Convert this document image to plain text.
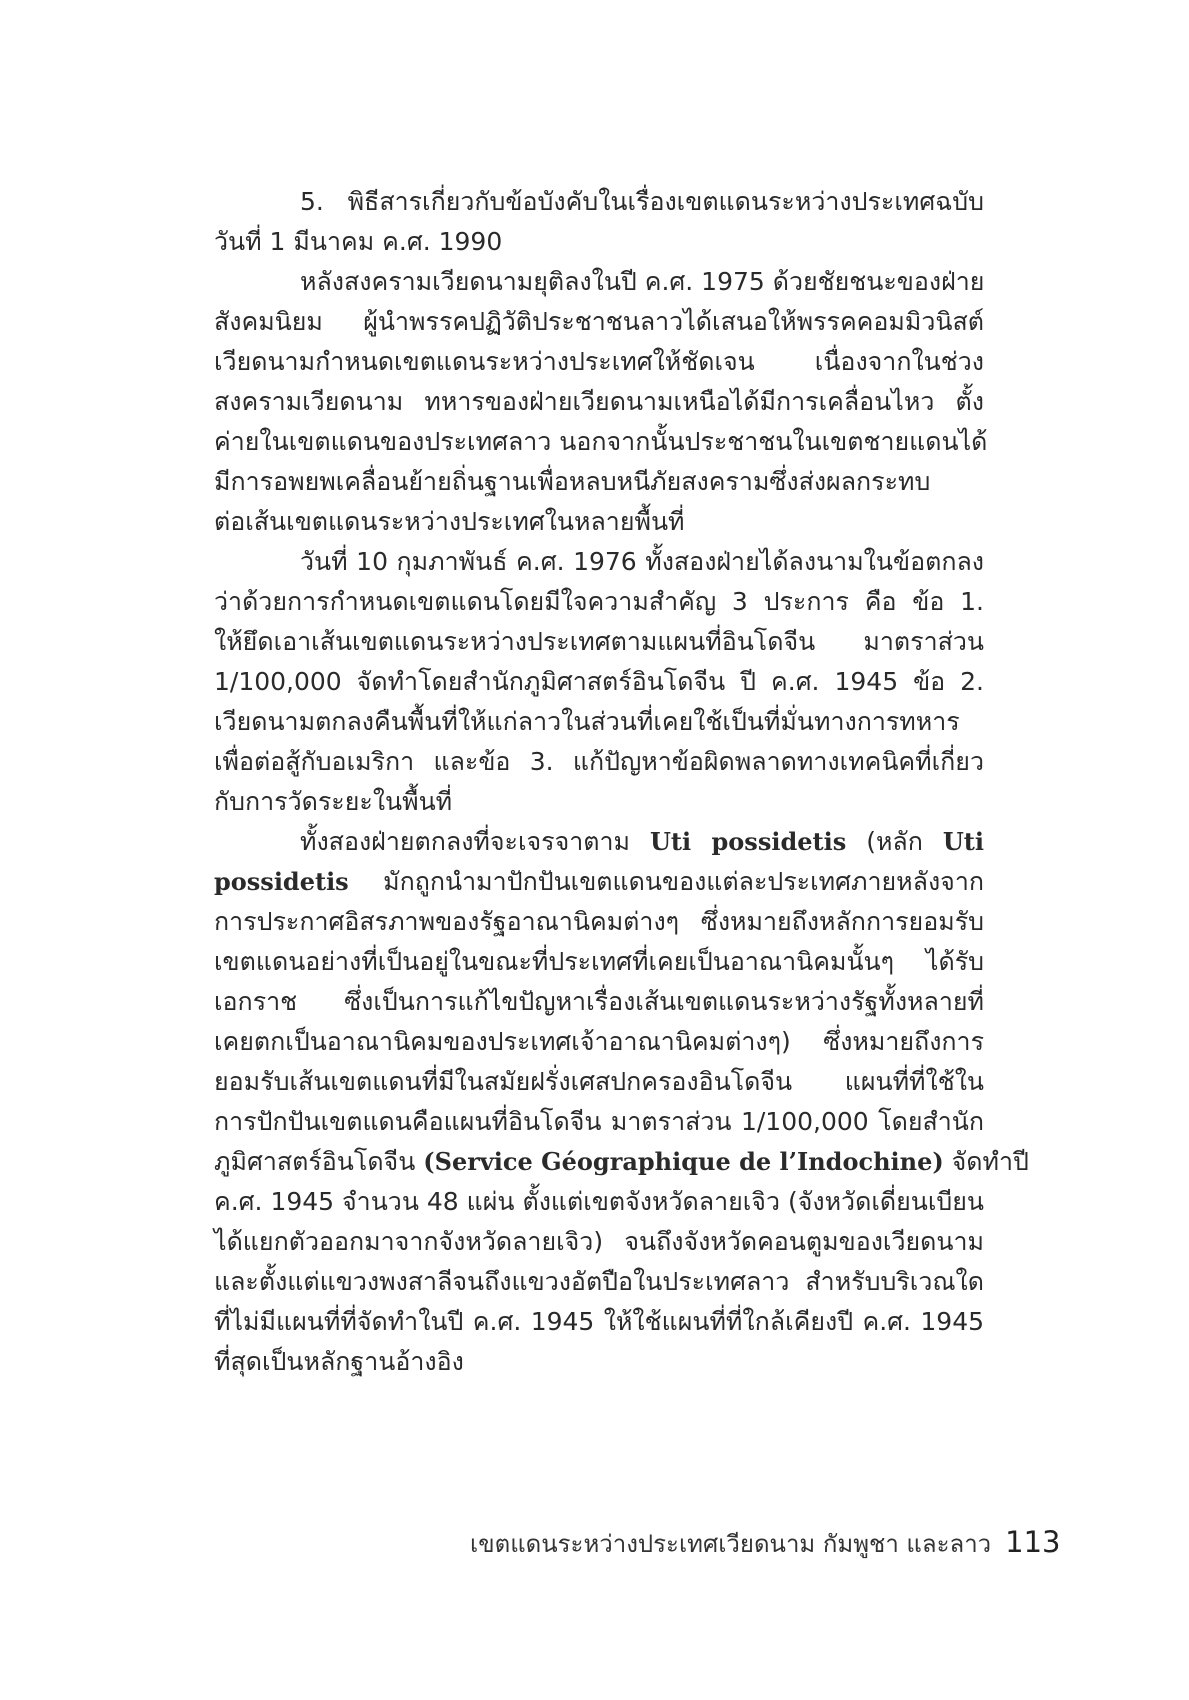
5. พิธีสารเกี่ยวกับข้อบังคับในเรื่องเขตแดนระหว่างประเทศฉบับ
วันที่ 1 มีนาคม ค.ศ. 1990
หลังสงครามเวียดนามยุติลงในปี ค.ศ. 1975 ด้วยชัยชนะของฝ่าย
สังคมนิยม ผู้นำพรรคปฏิวัติประชาชนลาวได้เสนอให้พรรคคอมมิวนิสต์
เวียดนามกำหนดเขตแดนระหว่างประเทศให้ชัดเจน เนื่องจากในช่วง
สงครามเวียดนาม ทหารของฝ่ายเวียดนามเหนือได้มีการเคลื่อนไหว ตั้ง
ค่ายในเขตแดนของประเทศลาว นอกจากนั้นประชาชนในเขตชายแดนได้
มีการอพยพเคลื่อนย้ายถิ่นฐานเพื่อหลบหนีภัยสงครามซึ่งส่งผลกระทบ
ต่อเส้นเขตแดนระหว่างประเทศในหลายพื้นที่
วันที่ 10 กุมภาพันธ์ ค.ศ. 1976 ทั้งสองฝ่ายได้ลงนามในข้อตกลง
ว่าด้วยการกำหนดเขตแดนโดยมีใจความสำคัญ 3 ประการ คือ ข้อ 1.
ให้ยึดเอาเส้นเขตแดนระหว่างประเทศตามแผนที่อินโดจีน มาตราส่วน
1/100,000 จัดทำโดยสำนักภูมิศาสตร์อินโดจีน ปี ค.ศ. 1945 ข้อ 2.
เวียดนามตกลงคืนพื้นที่ให้แก่ลาวในส่วนที่เคยใช้เป็นที่มั่นทางการทหาร
เพื่อต่อสู้กับอเมริกา และข้อ 3. แก้ปัญหาข้อผิดพลาดทางเทคนิคที่เกี่ยว
กับการวัดระยะในพื้นที่
ทั้งสองฝ่ายตกลงที่จะเจรจาตาม Uti possidetis (หลัก Uti
possidetis มักถูกนำมาปักปันเขตแดนของแต่ละประเทศภายหลังจาก
การประกาศอิสรภาพของรัฐอาณานิคมต่างๆ ซึ่งหมายถึงหลักการยอมรับ
เขตแดนอย่างที่เป็นอยู่ในขณะที่ประเทศที่เคยเป็นอาณานิคมนั้นๆ ได้รับ
เอกราช ซึ่งเป็นการแก้ไขปัญหาเรื่องเส้นเขตแดนระหว่างรัฐทั้งหลายที่
เคยตกเป็นอาณานิคมของประเทศเจ้าอาณานิคมต่างๆ) ซึ่งหมายถึงการ
ยอมรับเส้นเขตแดนที่มีในสมัยฝรั่งเศสปกครองอินโดจีน แผนที่ที่ใช้ใน
การปักปันเขตแดนคือแผนที่อินโดจีน มาตราส่วน 1/100,000 โดยสำนัก
ภูมิศาสตร์อินโดจีน (Service Géographique de l’Indochine) จัดทำปี
ค.ศ. 1945 จำนวน 48 แผ่น ตั้งแต่เขตจังหวัดลายเจิว (จังหวัดเดี่ยนเบียน
ได้แยกตัวออกมาจากจังหวัดลายเจิว) จนถึงจังหวัดคอนตูมของเวียดนาม
และตั้งแต่แขวงพงสาลีจนถึงแขวงอัตปือในประเทศลาว สำหรับบริเวณใด
ที่ไม่มีแผนที่ที่จัดทำในปี ค.ศ. 1945 ให้ใช้แผนที่ที่ใกล้เคียงปี ค.ศ. 1945
ที่สุดเป็นหลักฐานอ้างอิง
เขตแดนระหว่างประเทศเวียดนาม กัมพูชา และลาว 113
